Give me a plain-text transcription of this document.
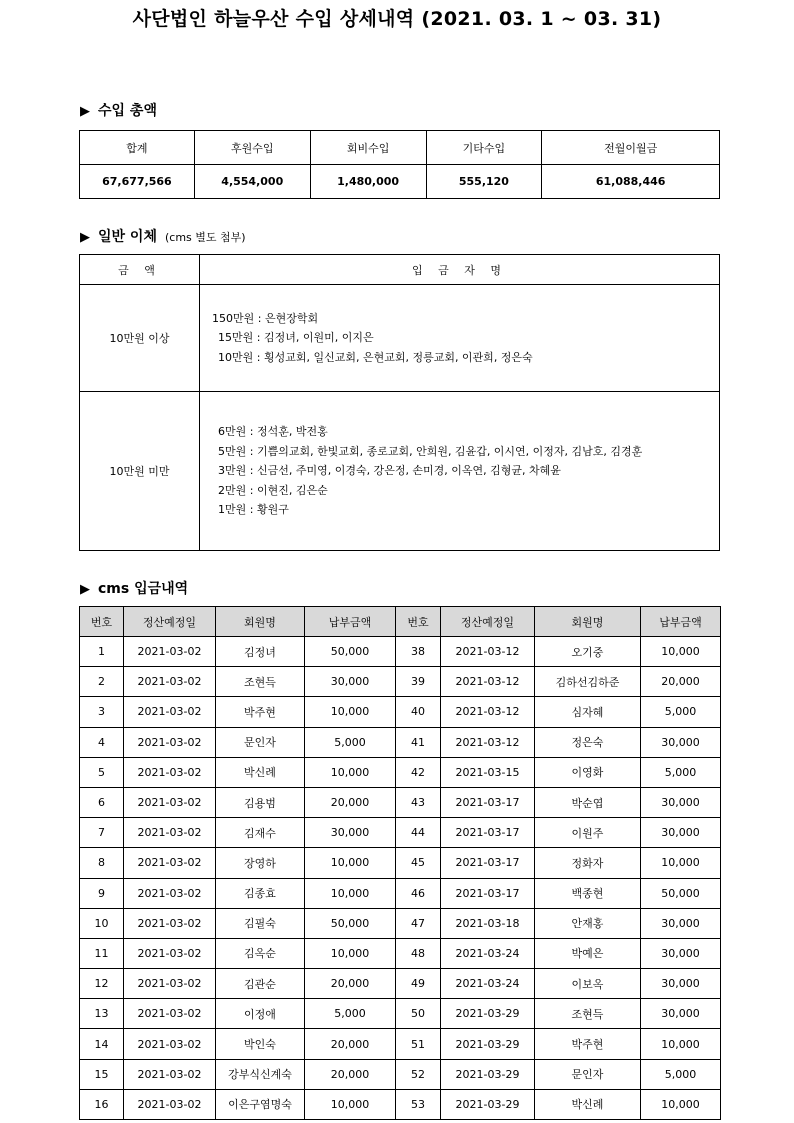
사단법인 하늘우산 수입 상세내역 (2021. 03. 1 ~ 03. 31)
▶ 수입 총액
합계	후원수입	회비수입	기타수입	전월이월금
67,677,566	4,554,000	1,480,000	555,120	61,088,446
▶ 일반 이체 (cms 별도 첨부)
금 액	입 금 자 명
10만원 이상	150만원 : 은현장학회
15만원 : 김정녀, 이원미, 이지은
10만원 : 횡성교회, 일신교회, 은현교회, 정릉교회, 이관희, 정은숙

10만원 미만	6만원 : 정석훈, 박전홍
5만원 : 기쁨의교회, 한빛교회, 종로교회, 안희원, 김윤갑, 이시연, 이정자, 김남호, 김경훈
3만원 : 신금선, 주미영, 이경숙, 강은정, 손미경, 이옥연, 김형균, 차혜윤
2만원 : 이현진, 김은순
1만원 : 황원구
▶ cms 입금내역
번호	정산예정일	회원명	납부금액	번호	정산예정일	회원명	납부금액
1	2021-03-02	김정녀	50,000	38	2021-03-12	오기중	10,000
2	2021-03-02	조현득	30,000	39	2021-03-12	김하선김하준	20,000
3	2021-03-02	박주현	10,000	40	2021-03-12	심자혜	5,000
4	2021-03-02	문인자	5,000	41	2021-03-12	정은숙	30,000
5	2021-03-02	박신례	10,000	42	2021-03-15	이영화	5,000
6	2021-03-02	김용범	20,000	43	2021-03-17	박순엽	30,000
7	2021-03-02	김재수	30,000	44	2021-03-17	이원주	30,000
8	2021-03-02	장영하	10,000	45	2021-03-17	정화자	10,000
9	2021-03-02	김종효	10,000	46	2021-03-17	백종현	50,000
10	2021-03-02	김필숙	50,000	47	2021-03-18	안재홍	30,000
11	2021-03-02	김옥순	10,000	48	2021-03-24	박예은	30,000
12	2021-03-02	김관순	20,000	49	2021-03-24	이보옥	30,000
13	2021-03-02	이정애	5,000	50	2021-03-29	조현득	30,000
14	2021-03-02	박인숙	20,000	51	2021-03-29	박주현	10,000
15	2021-03-02	강부식신계숙	20,000	52	2021-03-29	문인자	5,000
16	2021-03-02	이은구염명숙	10,000	53	2021-03-29	박신례	10,000
